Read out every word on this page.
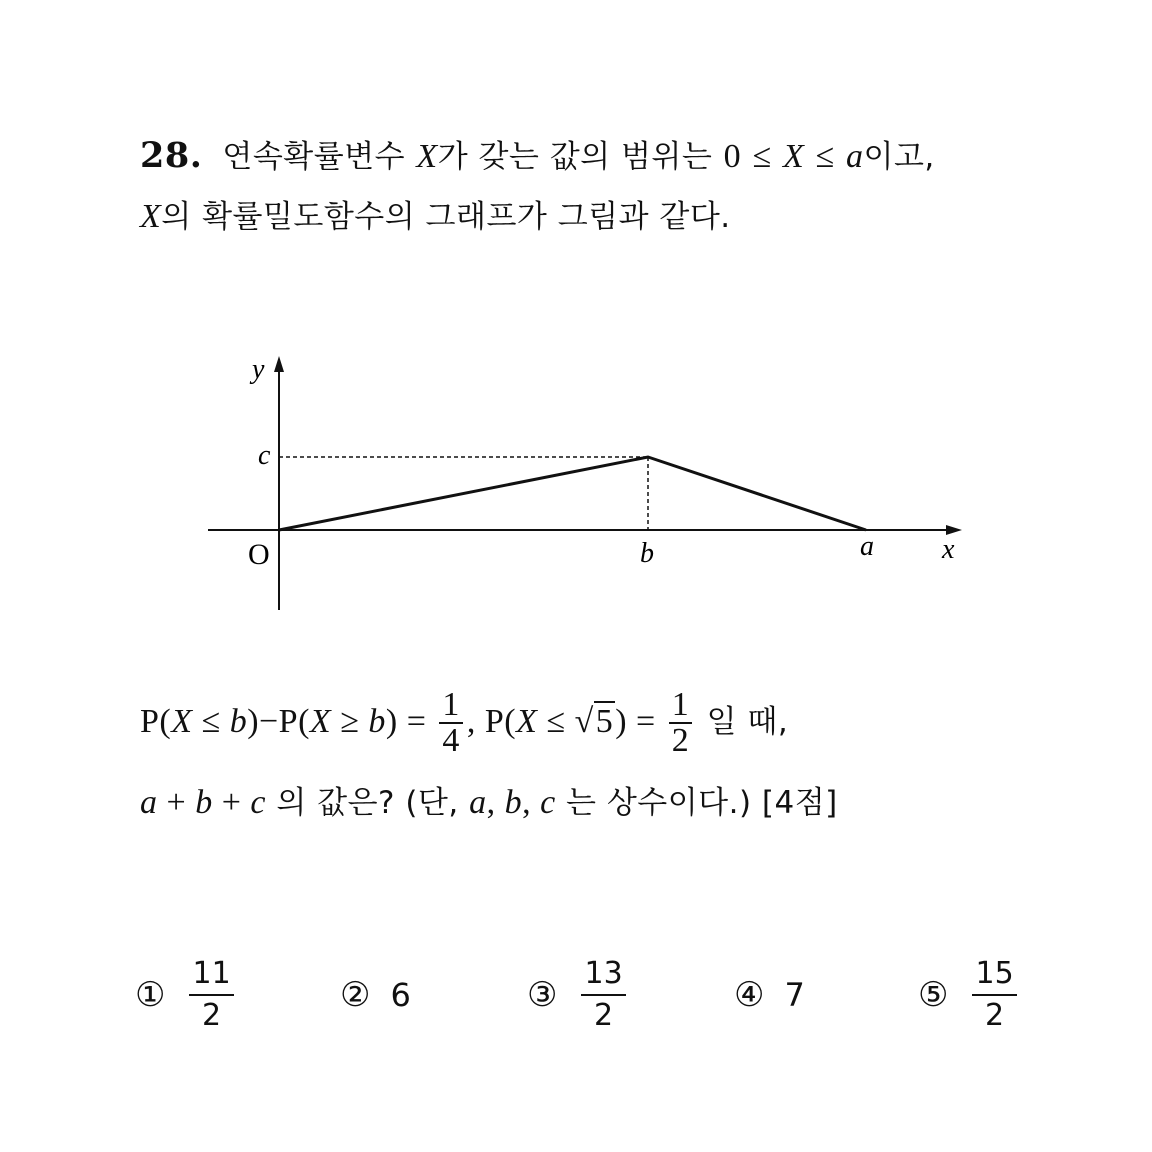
28. 연속확률변수 X가 갖는 값의 범위는 0 ≤ X ≤ a이고,
X의 확률밀도함수의 그래프가 그림과 같다.
y
x
O
c
b	a
$P(X \le b)-P(X \ge b) = \frac{1}{4}$ , $P(X \le √5) = \frac{1}{2}$ 일 때,
a + b + c 의 값은? (단, a, b, c 는 상수이다.) [4점]
① $\frac{11}{2}$	② 6	③ $\frac{13}{2}$	④ 7	⑤ $\frac{15}{2}$
